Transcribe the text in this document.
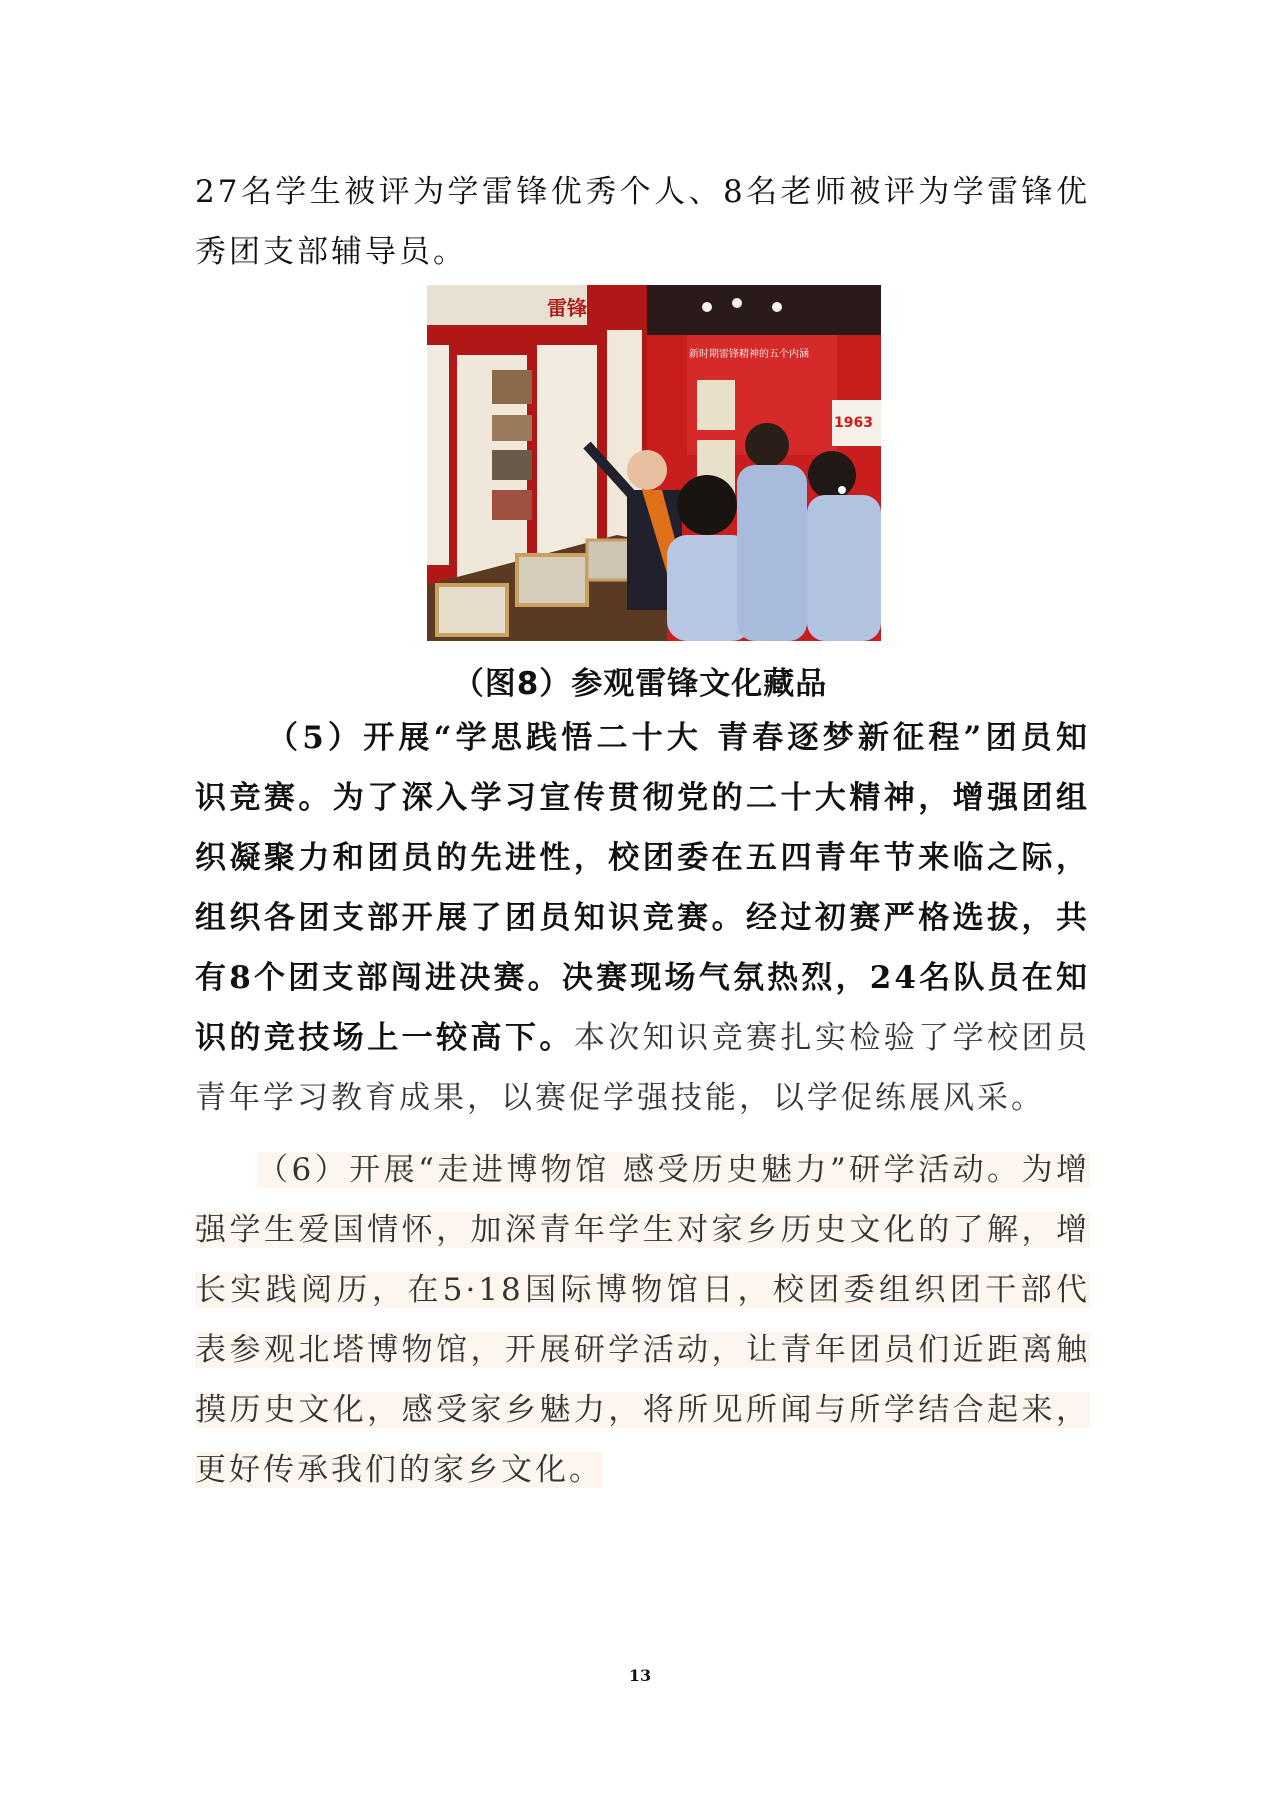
27名学生被评为学雷锋优秀个人、8名老师被评为学雷锋优秀团支部辅导员。

雷锋
新时期雷锋精神的五个内涵
1963
（图8）参观雷锋文化藏品

（5）开展“学思践悟二十大 青春逐梦新征程”团员知识竞赛。为了深入学习宣传贯彻党的二十大精神，增强团组织凝聚力和团员的先进性，校团委在五四青年节来临之际，组织各团支部开展了团员知识竞赛。经过初赛严格选拔，共有8个团支部闯进决赛。决赛现场气氛热烈，24名队员在知识的竞技场上一较高下。本次知识竞赛扎实检验了学校团员青年学习教育成果，以赛促学强技能，以学促练展风采。

（6）开展“走进博物馆 感受历史魅力”研学活动。为增强学生爱国情怀，加深青年学生对家乡历史文化的了解，增长实践阅历，在5·18国际博物馆日，校团委组织团干部代表参观北塔博物馆，开展研学活动，让青年团员们近距离触摸历史文化，感受家乡魅力，将所见所闻与所学结合起来，更好传承我们的家乡文化。

13
